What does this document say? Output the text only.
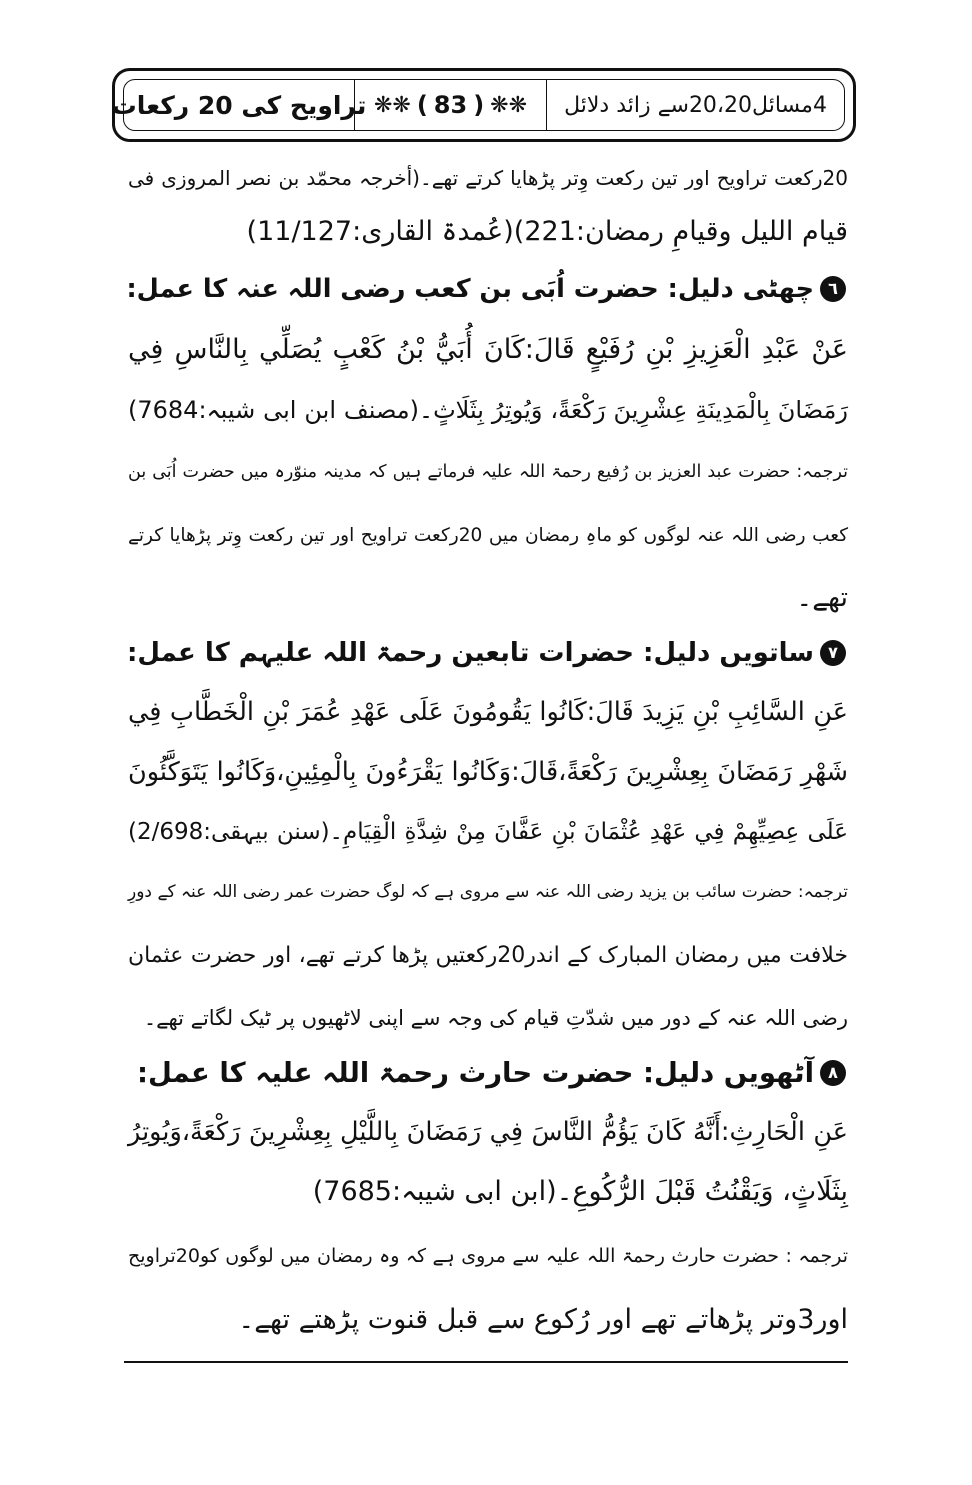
تراویح کی 20 رکعات ❋❋ ( 83 ) ❋❋	4مسائل20،20سے زائد دلائل
20رکعت تراویح اور تین رکعت وِتر پڑھایا کرتے تھے۔(أخرجہ محمّد بن نصر المروزی فی
قیام اللیل وقیامِ رمضان:221)(عُمدۃ القاری:11/127)
٦
چھٹی دلیل: حضرت اُبَی بن کعب رضی اللہ عنہ کا عمل:
عَنْ عَبْدِ الْعَزِيزِ بْنِ رُفَيْعٍ قَالَ:كَانَ أُبَيُّ بْنُ كَعْبٍ يُصَلِّي بِالنَّاسِ فِي
رَمَضَانَ بِالْمَدِينَةِ عِشْرِينَ رَكْعَةً، وَيُوتِرُ بِثَلَاثٍ۔(مصنف ابن ابی شیبہ:7684)
ترجمہ: حضرت عبد العزیز بن رُفیع رحمۃ اللہ علیہ فرماتے ہیں کہ مدینہ منوّرہ میں حضرت اُبَی بن
کعب رضی اللہ عنہ لوگوں کو ماہِ رمضان میں 20رکعت تراویح اور تین رکعت وِتر پڑھایا کرتے
تھے۔
٧
ساتویں دلیل: حضرات تابعین رحمۃ اللہ علیہم کا عمل:
عَنِ السَّائِبِ بْنِ يَزِيدَ قَالَ:كَانُوا يَقُومُونَ عَلَى عَهْدِ عُمَرَ بْنِ الْخَطَّابِ فِي
شَهْرِ رَمَضَانَ بِعِشْرِينَ رَكْعَةً،قَالَ:وَكَانُوا يَقْرَءُونَ بِالْمِئِينِ،وَكَانُوا يَتَوَكَّئُونَ
عَلَى عِصِيِّهِمْ فِي عَهْدِ عُثْمَانَ بْنِ عَفَّانَ مِنْ شِدَّةِ الْقِيَامِ۔(سنن بیہقی:2/698)
ترجمہ: حضرت سائب بن یزید رضی اللہ عنہ سے مروی ہے کہ لوگ حضرت عمر رضی اللہ عنہ کے دورِ
خلافت میں رمضان المبارک کے اندر20رکعتیں پڑھا کرتے تھے، اور حضرت عثمان
رضی اللہ عنہ کے دور میں شدّتِ قیام کی وجہ سے اپنی لاٹھیوں پر ٹیک لگاتے تھے۔
٨
آٹھویں دلیل: حضرت حارث رحمۃ اللہ علیہ کا عمل:
عَنِ الْحَارِثِ:أَنَّهُ كَانَ يَؤُمُّ النَّاسَ فِي رَمَضَانَ بِاللَّيْلِ بِعِشْرِينَ رَكْعَةً،وَيُوتِرُ
بِثَلَاثٍ، وَيَقْنُتُ قَبْلَ الرُّكُوعِ۔(ابن ابی شیبہ:7685)
ترجمہ : حضرت حارث رحمۃ اللہ علیہ سے مروی ہے کہ وہ رمضان میں لوگوں کو20تراویح
اور3وتر پڑھاتے تھے اور رُکوع سے قبل قنوت پڑھتے تھے۔
